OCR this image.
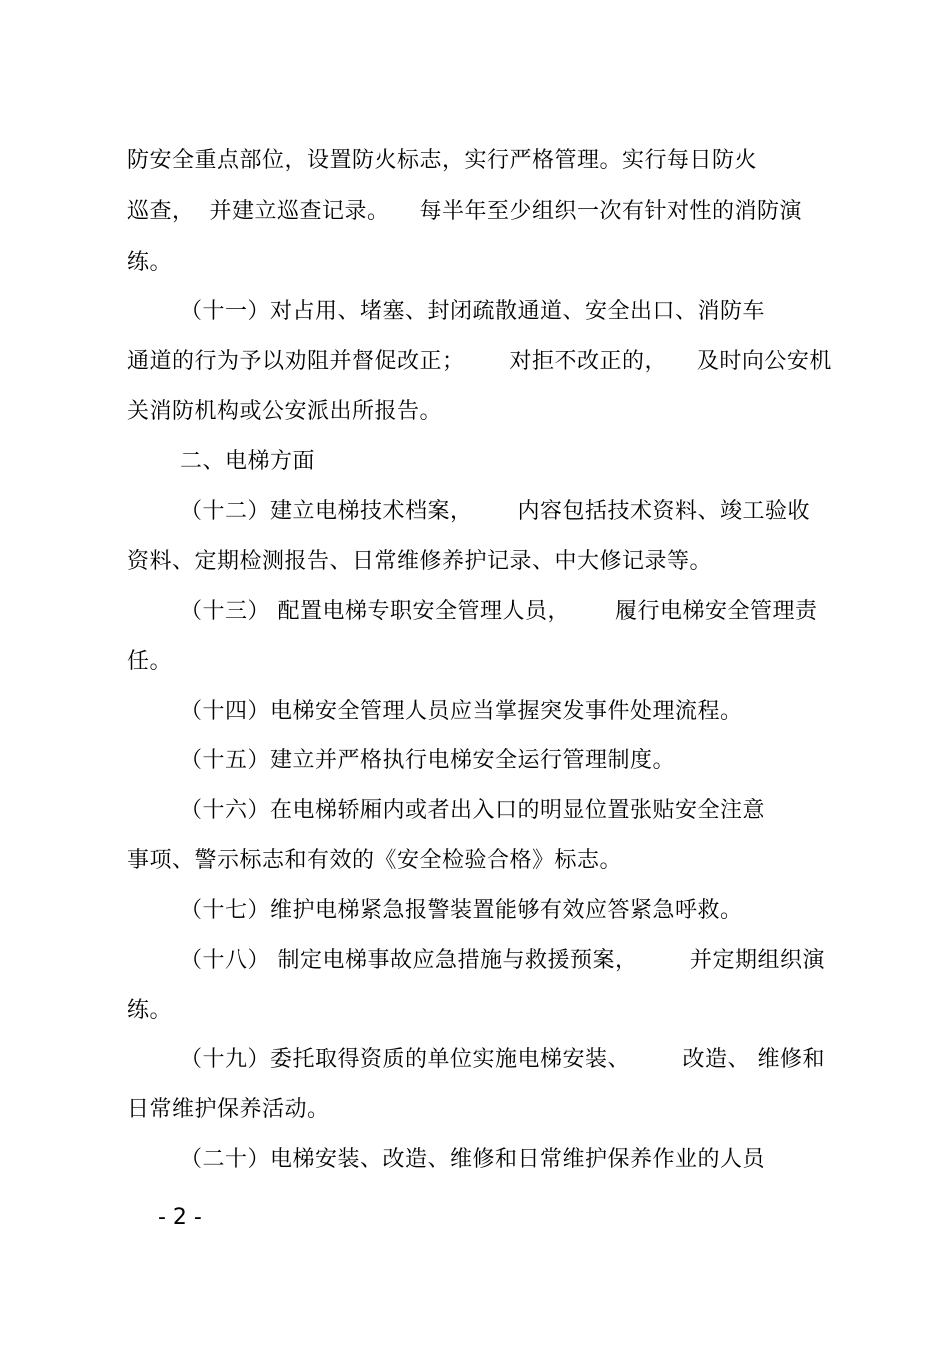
防安全重点部位，设置防火标志，实行严格管理。实行每日防火
巡查，  并建立巡查记录。    每半年至少组织一次有针对性的消防演
练。
（十一）对占用、堵塞、封闭疏散通道、安全出口、消防车
通道的行为予以劝阻并督促改正；      对拒不改正的，    及时向公安机
关消防机构或公安派出所报告。
二、电梯方面
（十二）建立电梯技术档案，      内容包括技术资料、竣工验收
资料、定期检测报告、日常维修养护记录、中大修记录等。
（十三） 配置电梯专职安全管理人员，      履行电梯安全管理责
任。
（十四）电梯安全管理人员应当掌握突发事件处理流程。
（十五）建立并严格执行电梯安全运行管理制度。
（十六）在电梯轿厢内或者出入口的明显位置张贴安全注意
事项、警示标志和有效的《安全检验合格》标志。
（十七）维护电梯紧急报警装置能够有效应答紧急呼救。
（十八） 制定电梯事故应急措施与救援预案，       并定期组织演
练。
（十九）委托取得资质的单位实施电梯安装、       改造、 维修和
日常维护保养活动。
（二十）电梯安装、改造、维修和日常维护保养作业的人员
- 2 -
